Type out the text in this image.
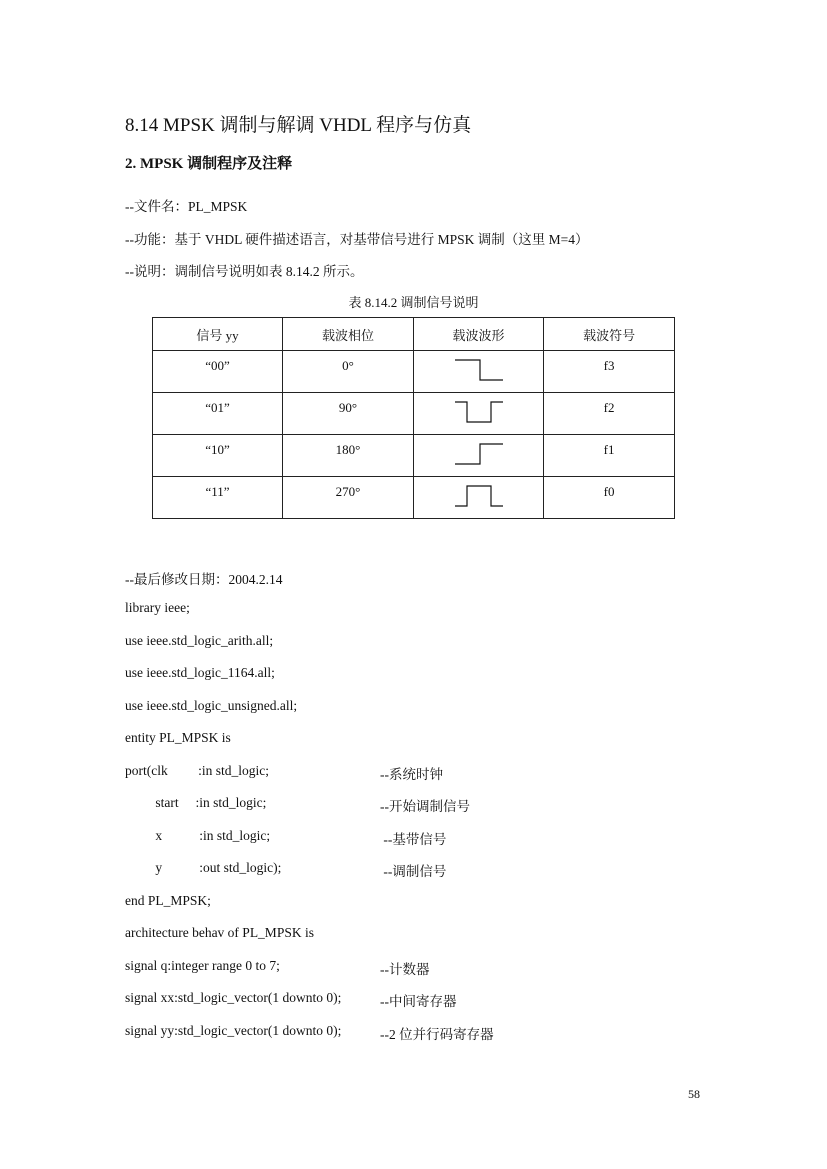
8.14 MPSK 调制与解调 VHDL 程序与仿真
2. MPSK 调制程序及注释
--文件名：PL_MPSK
--功能：基于 VHDL 硬件描述语言，对基带信号进行 MPSK 调制（这里 M=4）
--说明：调制信号说明如表 8.14.2 所示。
表 8.14.2 调制信号说明
信号 yy	载波相位	载波波形	载波符号
“00”	0°		f3
“01”	90°		f2
“10”	180°		f1
“11”	270°		f0
--最后修改日期：2004.2.14
library ieee;
use ieee.std_logic_arith.all;
use ieee.std_logic_1164.all;
use ieee.std_logic_unsigned.all;
entity PL_MPSK is
port(clk         :in std_logic;	--系统时钟
start     :in std_logic;	--开始调制信号
x           :in std_logic;	--基带信号
y           :out std_logic);	--调制信号
end PL_MPSK;
architecture behav of PL_MPSK is
signal q:integer range 0 to 7;	--计数器
signal xx:std_logic_vector(1 downto 0);	--中间寄存器
signal yy:std_logic_vector(1 downto 0);	--2 位并行码寄存器
58
